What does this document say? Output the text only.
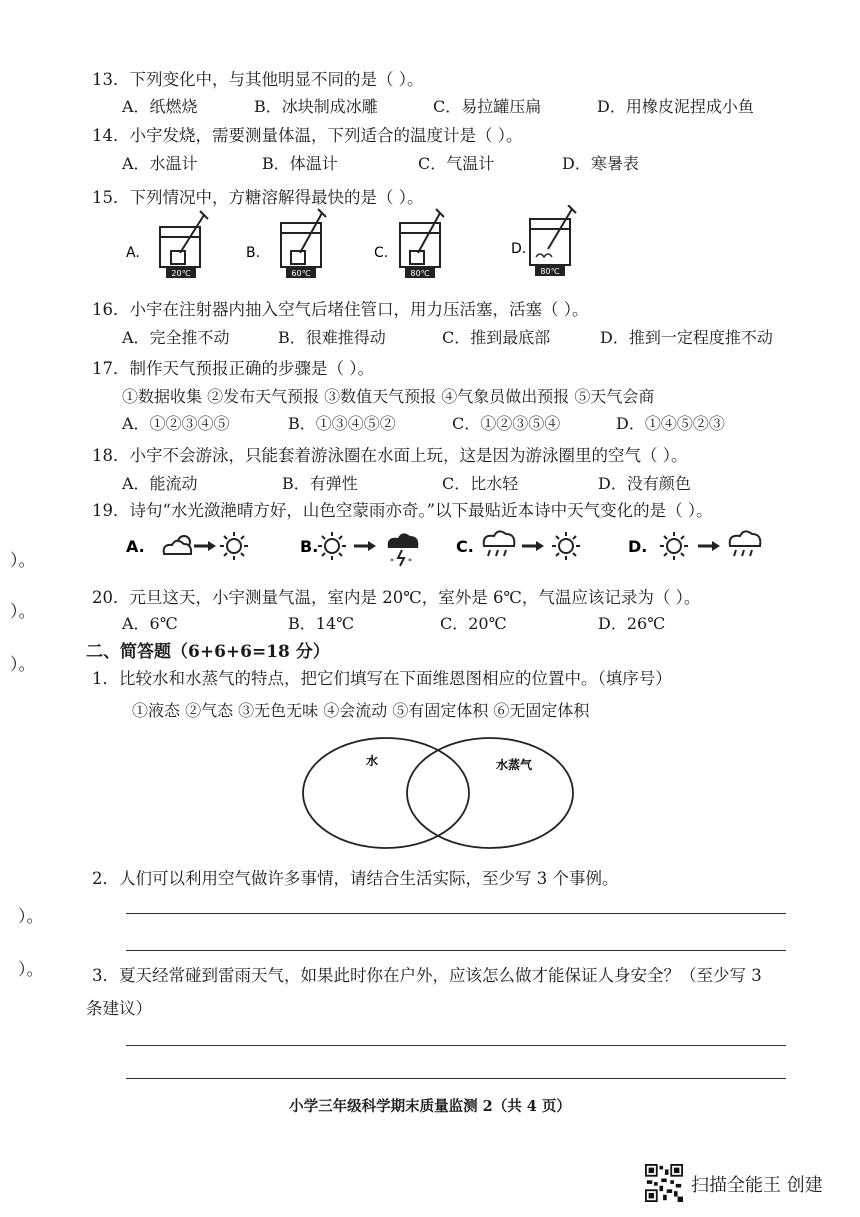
）。
）。
）。
）。
）。
13．下列变化中，与其他明显不同的是（ ）。
A．纸燃烧	B．冰块制成冰雕	C．易拉罐压扁	D．用橡皮泥捏成小鱼
14．小宇发烧，需要测量体温，下列适合的温度计是（ ）。
A．水温计	B．体温计	C．气温计	D．寒暑表
15．下列情况中，方糖溶解得最快的是（ ）。
A.
20℃
B.
60℃
C.
80℃
D.
80℃
16．小宇在注射器内抽入空气后堵住管口，用力压活塞，活塞（ ）。
A．完全推不动	B．很难推得动	C．推到最底部	D．推到一定程度推不动
17．制作天气预报正确的步骤是（ ）。
①数据收集 ②发布天气预报 ③数值天气预报 ④气象员做出预报 ⑤天气会商
A．①②③④⑤	B．①③④⑤②	C．①②③⑤④	D．①④⑤②③
18．小宇不会游泳，只能套着游泳圈在水面上玩，这是因为游泳圈里的空气（ ）。
A．能流动	B．有弹性	C．比水轻	D．没有颜色
19．诗句“水光潋滟晴方好，山色空蒙雨亦奇。”以下最贴近本诗中天气变化的是（ ）。
A.	B.
*
*
C.	D.
20．元旦这天，小宇测量气温，室内是 20℃，室外是 6℃，气温应该记录为（ ）。
A．6℃	B．14℃	C．20℃	D．26℃
二、简答题（6+6+6=18 分）
1．比较水和水蒸气的特点，把它们填写在下面维恩图相应的位置中。（填序号）
①液态 ②气态 ③无色无味 ④会流动 ⑤有固定体积 ⑥无固定体积
水	水蒸气
2．人们可以利用空气做许多事情，请结合生活实际，至少写 3 个事例。
3．夏天经常碰到雷雨天气，如果此时你在户外，应该怎么做才能保证人身安全？（至少写 3
条建议）
小学三年级科学期末质量监测 2（共 4 页）
扫描全能王 创建
